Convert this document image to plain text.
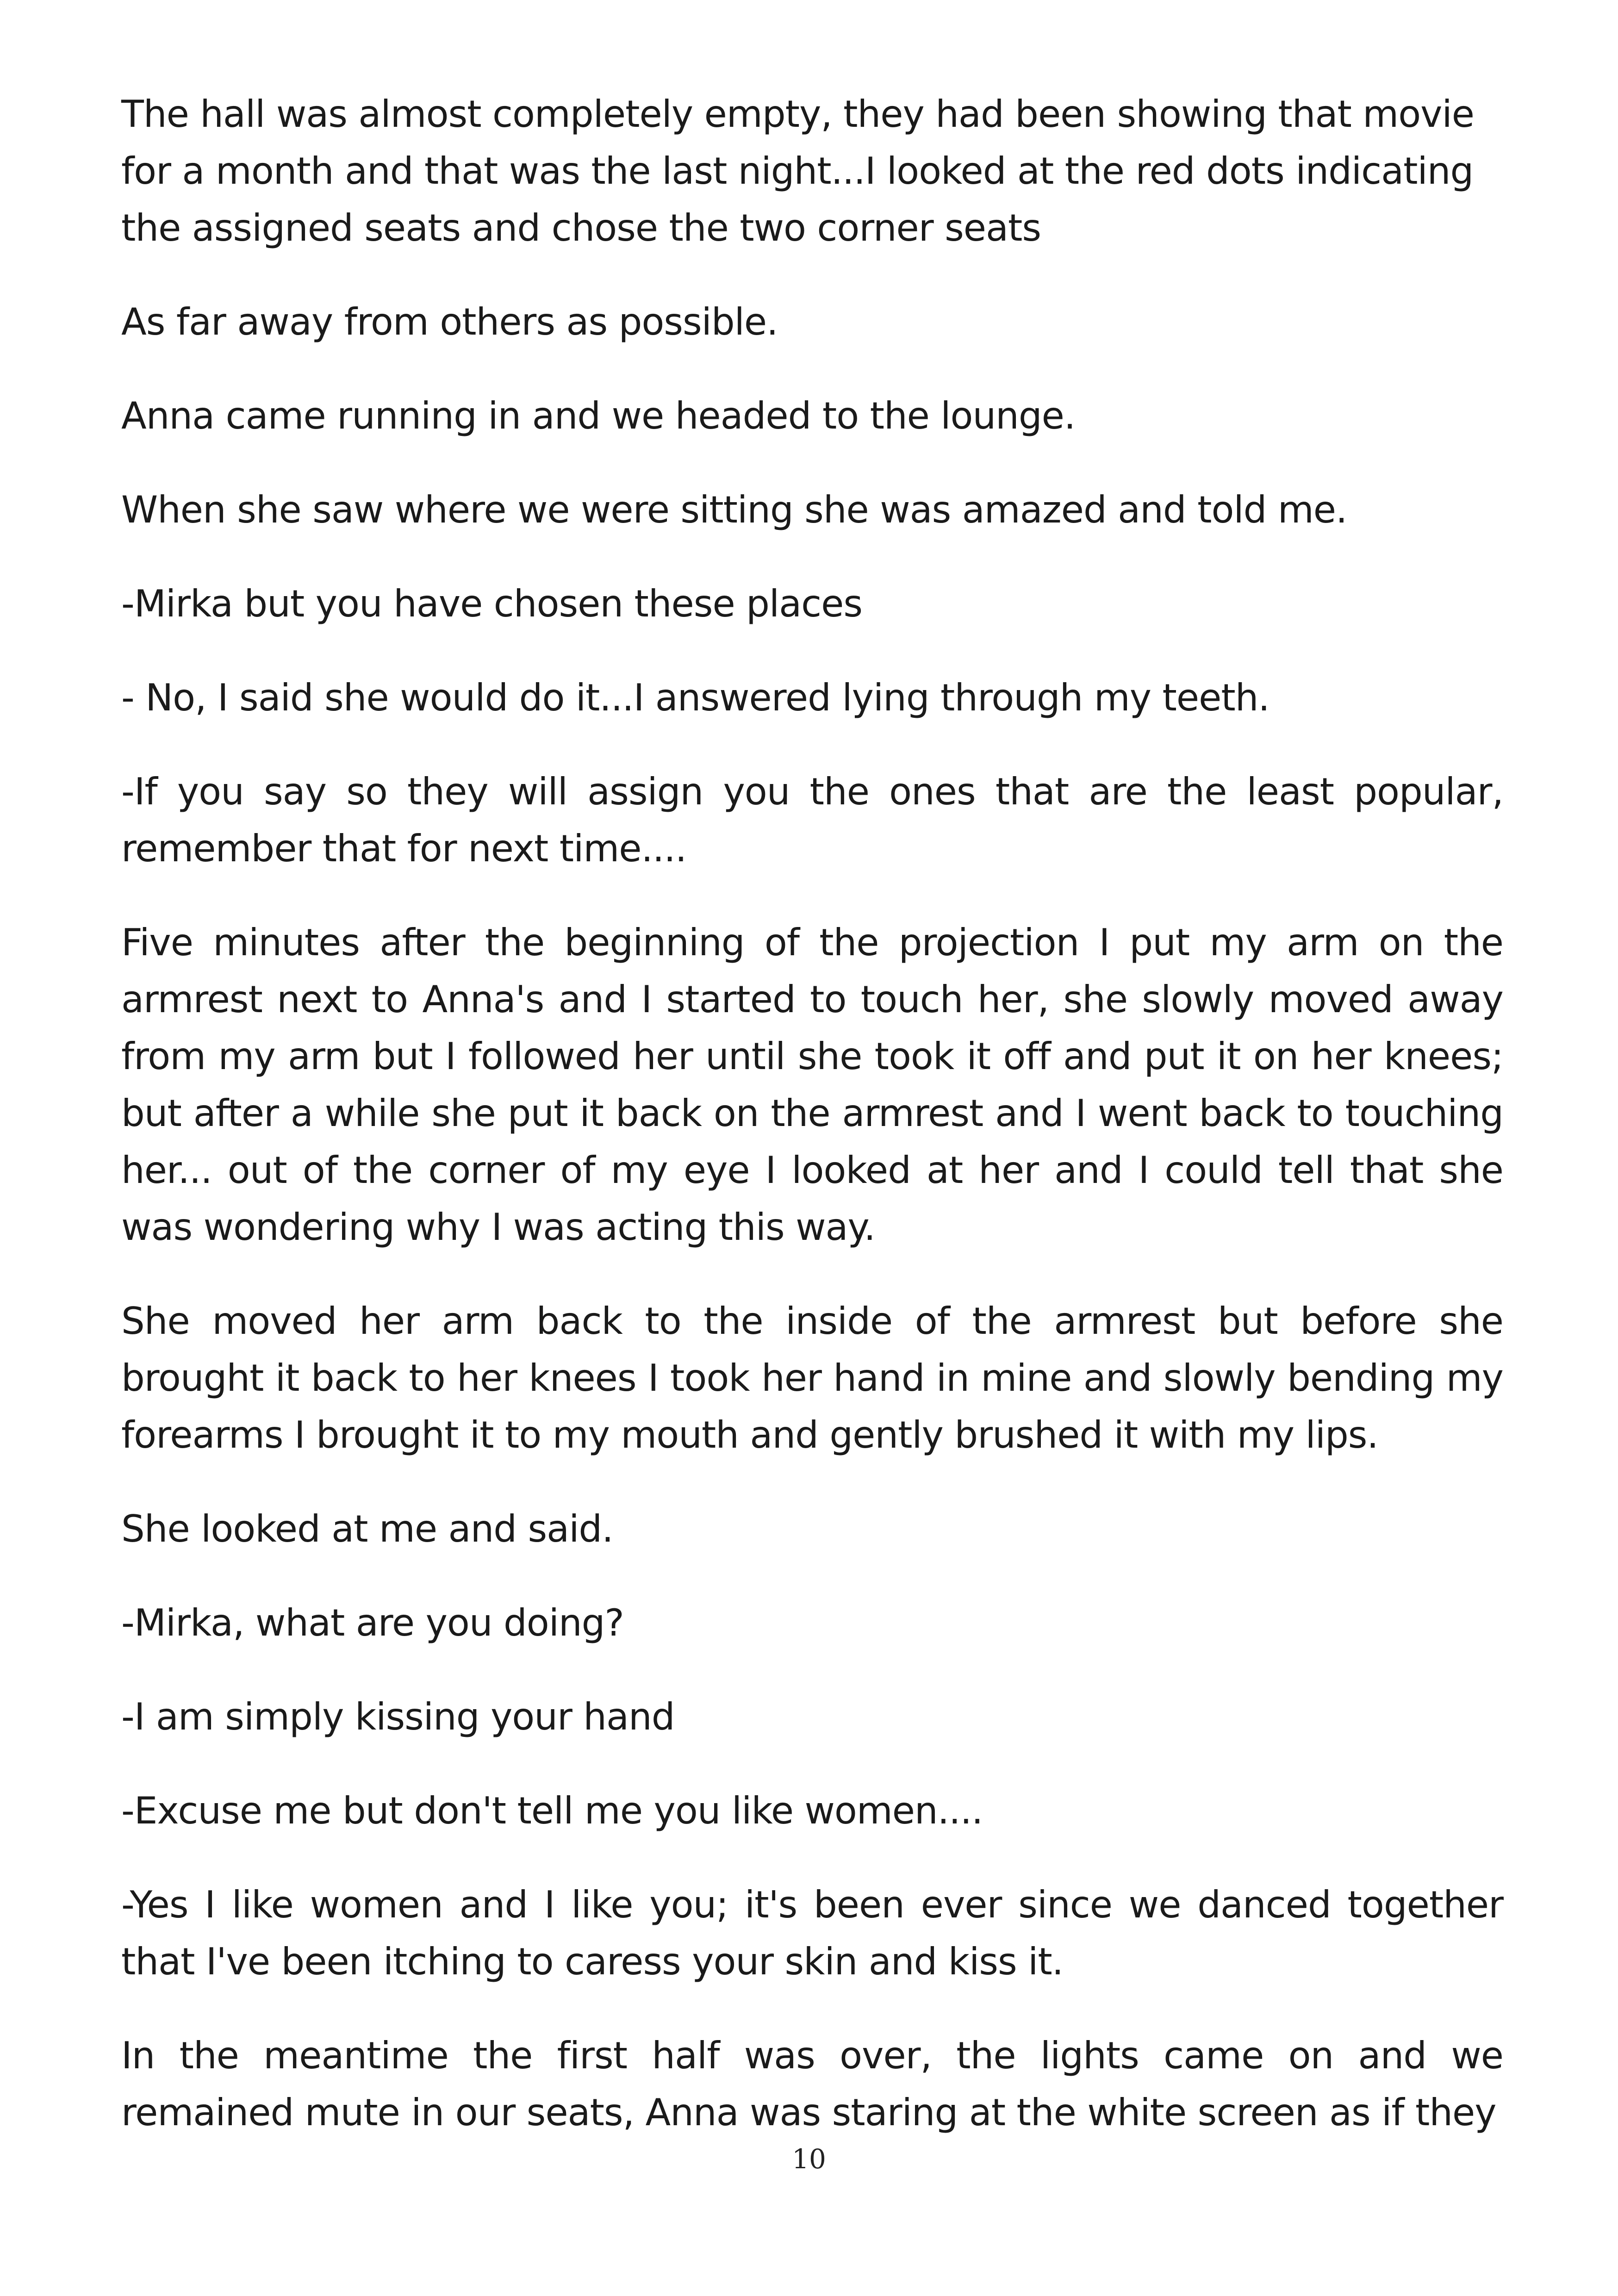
The hall was almost completely empty, they had been showing that movie for a month and that was the last night...I looked at the red dots indicating the assigned seats and chose the two corner seats

As far away from others as possible.

Anna came running in and we headed to the lounge.

When she saw where we were sitting she was amazed and told me.

-Mirka but you have chosen these places

- No, I said she would do it...I answered lying through my teeth.

-If you say so they will assign you the ones that are the least popular, remember that for next time....

Five minutes after the beginning of the projection I put my arm on the armrest next to Anna's and I started to touch her, she slowly moved away from my arm but I followed her until she took it off and put it on her knees; but after a while she put it back on the armrest and I went back to touching her... out of the corner of my eye I looked at her and I could tell that she was wondering why I was acting this way.

She moved her arm back to the inside of the armrest but before she brought it back to her knees I took her hand in mine and slowly bending my forearms I brought it to my mouth and gently brushed it with my lips.

She looked at me and said.

-Mirka, what are you doing?

-I am simply kissing your hand

-Excuse me but don't tell me you like women....

-Yes I like women and I like you; it's been ever since we danced together that I've been itching to caress your skin and kiss it.

In the meantime the first half was over, the lights came on and we remained mute in our seats, Anna was staring at the white screen as if they

10
